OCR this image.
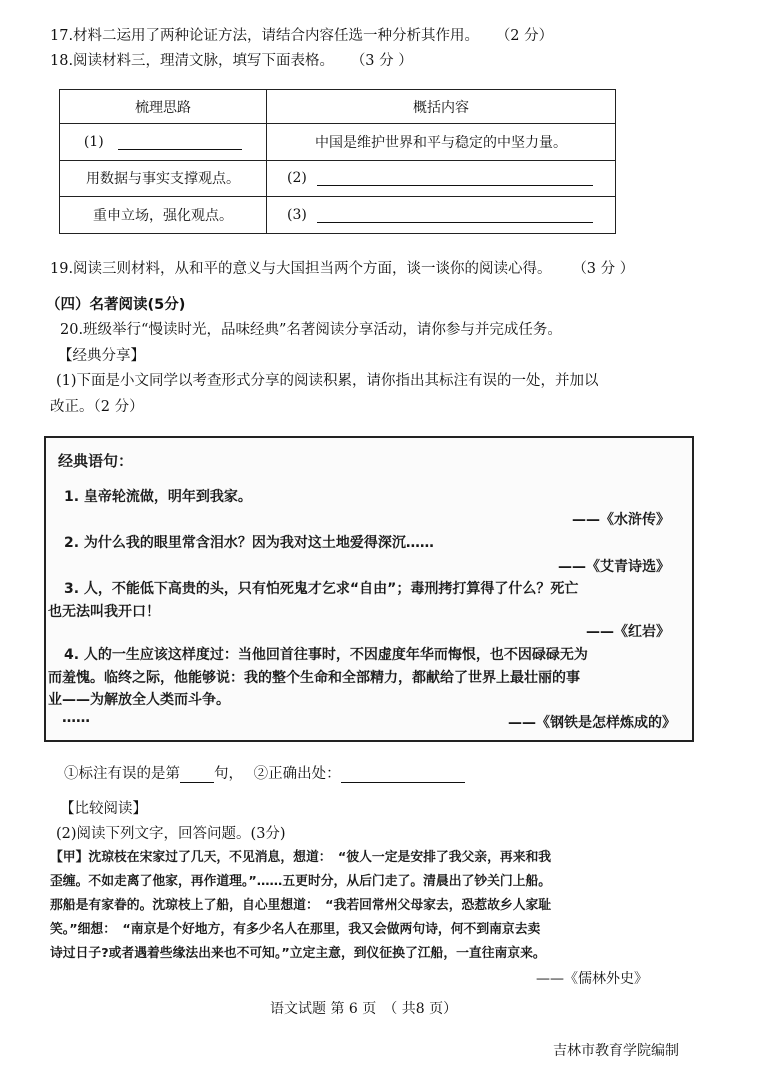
17.材料二运用了两种论证方法，请结合内容任选一种分析其作用。 （2 分）
18.阅读材料三，理清文脉，填写下面表格。 （3 分 ）
梳理思路	概括内容
(1)	中国是维护世界和平与稳定的中坚力量。
用数据与事实支撑观点。	(2)
重申立场，强化观点。	(3)
19.阅读三则材料，从和平的意义与大国担当两个方面，谈一谈你的阅读心得。 （3 分 ）
（四）名著阅读(5分)
20.班级举行“慢读时光，品味经典”名著阅读分享活动，请你参与并完成任务。
【经典分享】
(1)下面是小文同学以考查形式分享的阅读积累，请你指出其标注有误的一处，并加以
改正。（2 分）
经典语句：
1. 皇帝轮流做，明年到我家。
——《水浒传》
2. 为什么我的眼里常含泪水？因为我对这土地爱得深沉……
——《艾青诗选》
3. 人，不能低下高贵的头，只有怕死鬼才乞求“自由”；毒刑拷打算得了什么？死亡
也无法叫我开口！
——《红岩》
4. 人的一生应该这样度过：当他回首往事时，不因虚度年华而悔恨，也不因碌碌无为
而羞愧。临终之际，他能够说：我的整个生命和全部精力，都献给了世界上最壮丽的事
业——为解放全人类而斗争。
……	——《钢铁是怎样炼成的》
①标注有误的是第 句， ②正确出处：
【比较阅读】
(2)阅读下列文字，回答问题。(3分)
【甲】沈琼枝在宋家过了几天，不见消息，想道：　“彼人一定是安排了我父亲，再来和我
歪缠。不如走离了他家，再作道理。”……五更时分，从后门走了。清晨出了钞关门上船。
那船是有家眷的。沈琼枝上了船，自心里想道：　“我若回常州父母家去，恐惹故乡人家耻
笑。”细想：　“南京是个好地方，有多少名人在那里，我又会做两句诗，何不到南京去卖
诗过日子?或者遇着些缘法出来也不可知。”立定主意，到仪征换了江船，一直往南京来。
——《儒林外史》
语文试题 第 6 页　（ 共8 页）
吉林市教育学院编制
